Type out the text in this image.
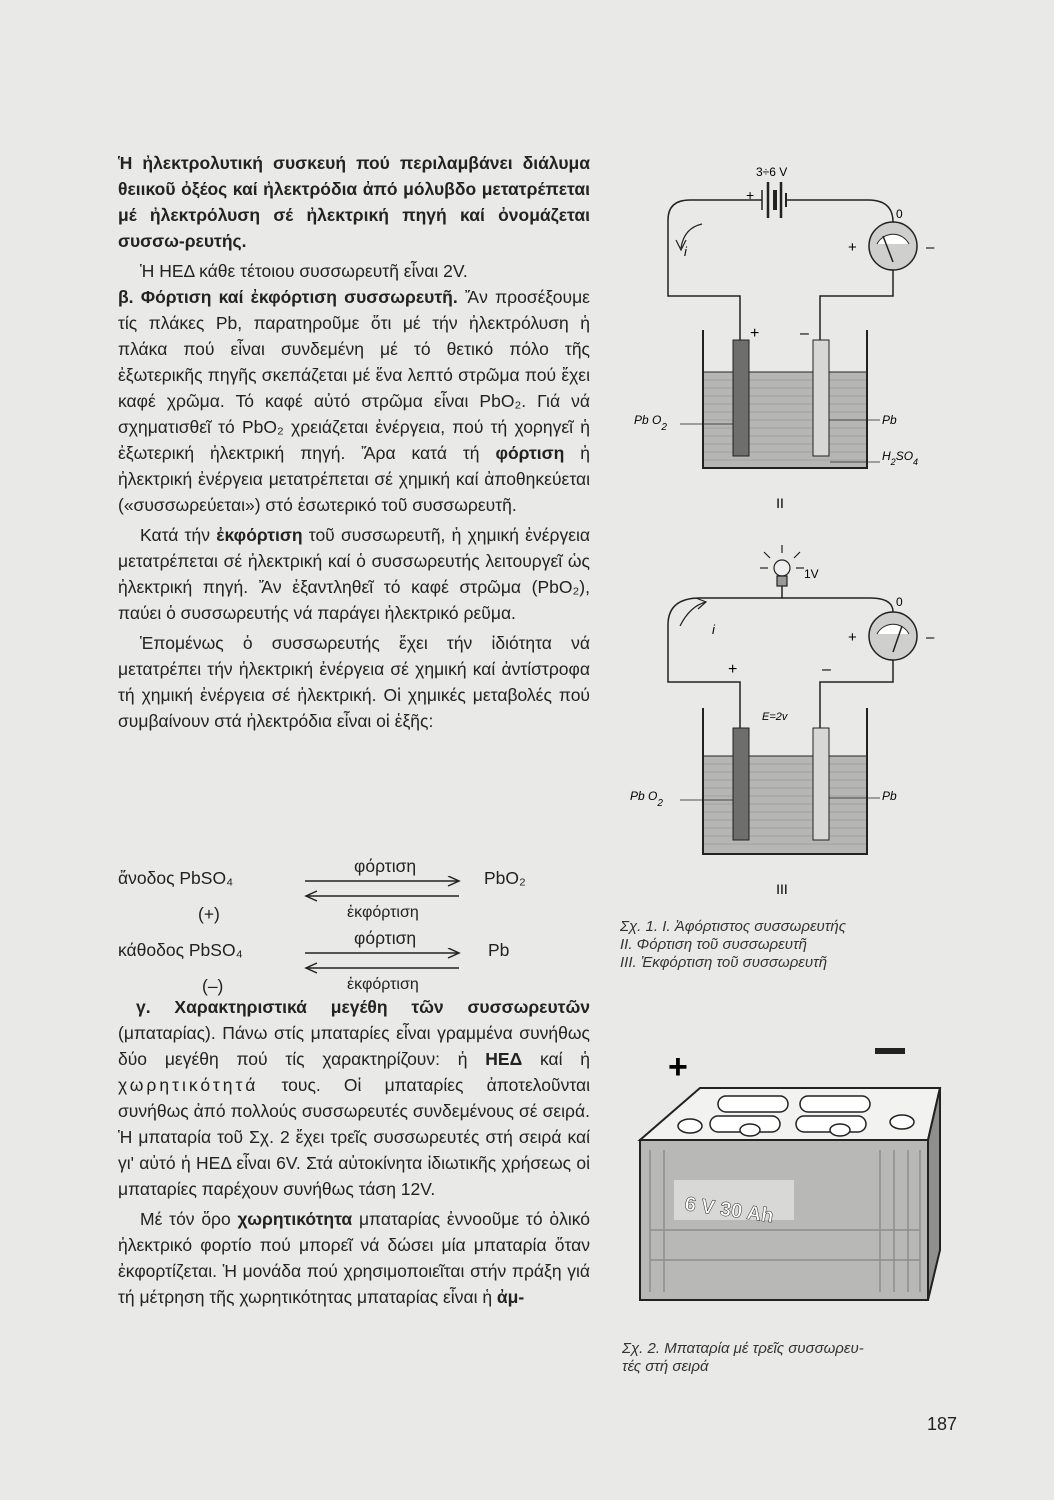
Ἡ ἠλεκτρολυτική συσκευή πού περιλαμβάνει διάλυμα θειικοῦ ὀξέος καί ἠλεκτρόδια ἀπό μόλυβδο μετατρέπεται μέ ἠλεκτρόλυση σέ ἠλεκτρική πηγή καί ὀνομάζεται συσσω-ρευτής.

Ἡ ΗΕΔ κάθε τέτοιου συσσωρευτῆ εἶναι 2V.

β. Φόρτιση καί ἐκφόρτιση συσσωρευτῆ. Ἄν προσέξουμε τίς πλάκες Pb, παρατηροῦμε ὅτι μέ τήν ἠλεκτρόλυση ἡ πλάκα πού εἶναι συνδεμένη μέ τό θετικό πόλο τῆς ἐξωτερικῆς πηγῆς σκεπάζεται μέ ἕνα λεπτό στρῶμα πού ἔχει καφέ χρῶμα. Τό καφέ αὐτό στρῶμα εἶναι PbO₂. Γιά νά σχηματισθεῖ τό PbO₂ χρειάζεται ἐνέργεια, πού τή χορηγεῖ ἡ ἐξωτερική ἠλεκτρική πηγή. Ἄρα κατά τή φόρτιση ἡ ἠλεκτρική ἐνέργεια μετατρέπεται σέ χημική καί ἀποθηκεύεται («συσσωρεύεται») στό ἐσωτερικό τοῦ συσσωρευτῆ.

Κατά τήν ἐκφόρτιση τοῦ συσσωρευτῆ, ἡ χημική ἐνέργεια μετατρέπεται σέ ἠλεκτρική καί ὁ συσσωρευτής λειτουργεῖ ὡς ἠλεκτρική πηγή. Ἄν ἐξαντληθεῖ τό καφέ στρῶμα (PbO₂), παύει ὁ συσσωρευτής νά παράγει ἠλεκτρικό ρεῦμα.

Ἑπομένως ὁ συσσωρευτής ἔχει τήν ἰδιότητα νά μετατρέπει τήν ἠλεκτρική ἐνέργεια σέ χημική καί ἀντίστροφα τή χημική ἐνέργεια σέ ἠλεκτρική. Οἱ χημικές μεταβολές πού συμβαίνουν στά ἠλεκτρόδια εἶναι οἱ ἑξῆς:

φόρτιση
ἄνοδος PbSO₄	PbO₂
(+)	ἐκφόρτιση
φόρτιση
κάθοδος PbSO₄	Pb
(–)	ἐκφόρτιση

γ. Χαρακτηριστικά μεγέθη τῶν συσσωρευτῶν (μπαταρίας). Πάνω στίς μπαταρίες εἶναι γραμμένα συνήθως δύο μεγέθη πού τίς χαρακτηρίζουν: ἡ ΗΕΔ καί ἡ χωρητικότητά τους. Οἱ μπαταρίες ἀποτελοῦνται συνήθως ἀπό πολλούς συσσωρευτές συνδεμένους σέ σειρά. Ἡ μπαταρία τοῦ Σχ. 2 ἔχει τρεῖς συσσωρευτές στή σειρά καί γι' αὐτό ἡ ΗΕΔ εἶναι 6V. Στά αὐτοκίνητα ἰδιωτικῆς χρήσεως οἱ μπαταρίες παρέχουν συνήθως τάση 12V.

Μέ τόν ὅρο χωρητικότητα μπαταρίας ἐννοοῦμε τό ὁλικό ἠλεκτρικό φορτίο πού μπορεῖ νά δώσει μία μπαταρία ὅταν ἐκφορτίζεται. Ἡ μονάδα πού χρησιμοποιεῖται στήν πράξη γιά τή μέτρηση τῆς χωρητικότητας μπαταρίας εἶναι ἡ ἀμ-

3÷6 V
+
i
0
+	–
+	–
Pb $O_2$
Pb
$H_2SO_4$
II
1V
i
0
+	–
+	–
E=2v
Pb $O_2$
Pb
III
Σχ. 1. I. Ἀφόρτιστος συσσωρευτής
II. Φόρτιση τοῦ συσσωρευτῆ
III. Ἐκφόρτιση τοῦ συσσωρευτῆ
+
6 V 30 Ah
Σχ. 2. Μπαταρία μέ τρεῖς συσσωρευ-
τές στή σειρά
187
